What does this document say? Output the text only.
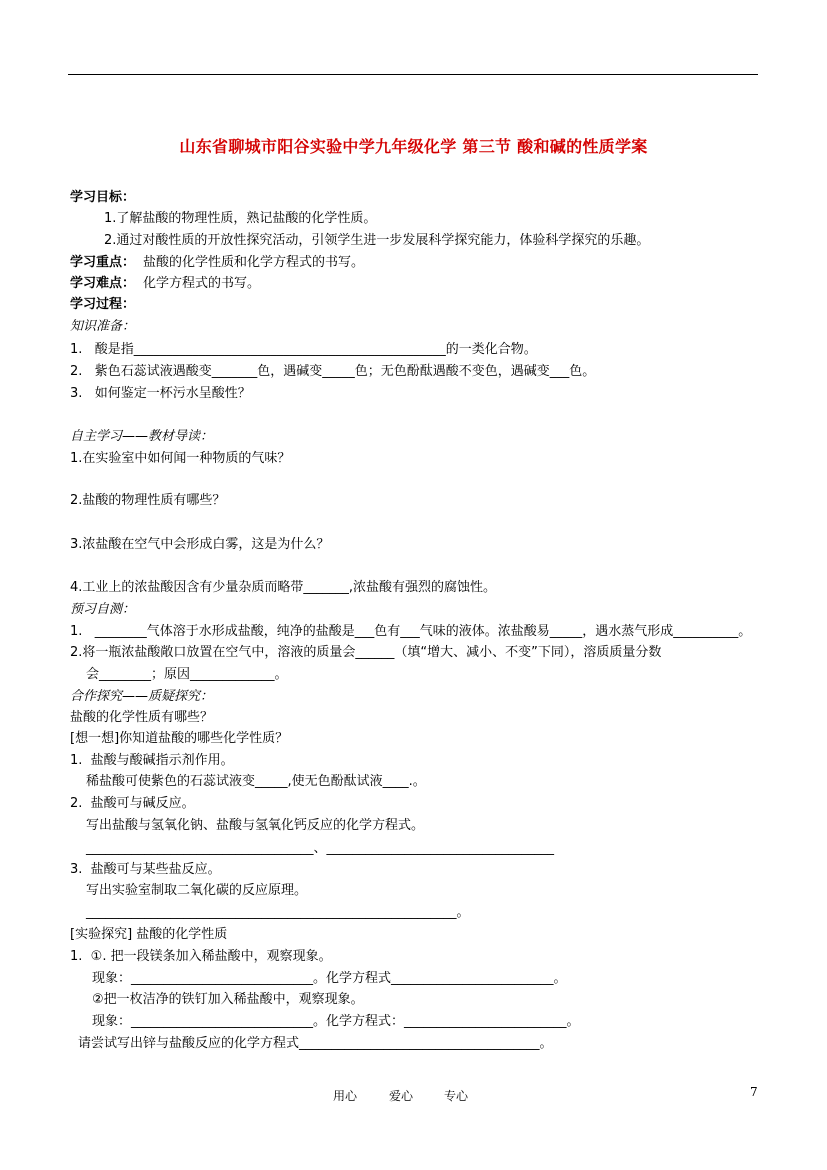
山东省聊城市阳谷实验中学九年级化学 第三节 酸和碱的性质学案
学习目标：
1.了解盐酸的物理性质，熟记盐酸的化学性质。
2.通过对酸性质的开放性探究活动，引领学生进一步发展科学探究能力，体验科学探究的乐趣。
学习重点： 盐酸的化学性质和化学方程式的书写。
学习难点： 化学方程式的书写。
学习过程：
知识准备：
1.   酸是指________________________________________________的一类化合物。
2.   紫色石蕊试液遇酸变_______色，遇碱变_____色；无色酚酞遇酸不变色，遇碱变___色。
3.   如何鉴定一杯污水呈酸性？
自主学习——教材导读：
1.在实验室中如何闻一种物质的气味？
2.盐酸的物理性质有哪些？
3.浓盐酸在空气中会形成白雾，这是为什么？
4.工业上的浓盐酸因含有少量杂质而略带_______,浓盐酸有强烈的腐蚀性。
预习自测：
1.   ________气体溶于水形成盐酸，纯净的盐酸是___色有___气味的液体。浓盐酸易_____，遇水蒸气形成__________。
2.将一瓶浓盐酸敞口放置在空气中，溶液的质量会______（填“增大、减小、不变”下同），溶质质量分数
会________；原因_____________。
合作探究——质疑探究：
盐酸的化学性质有哪些？
[想一想]你知道盐酸的哪些化学性质？
1.  盐酸与酸碱指示剂作用。
稀盐酸可使紫色的石蕊试液变_____,使无色酚酞试液____.。
2.  盐酸可与碱反应。
写出盐酸与氢氧化钠、盐酸与氢氧化钙反应的化学方程式。
___________________________________、___________________________________
3.  盐酸可与某些盐反应。
写出实验室制取二氧化碳的反应原理。
_________________________________________________________。
[实验探究] 盐酸的化学性质
1.  ①. 把一段镁条加入稀盐酸中，观察现象。
现象：____________________________。化学方程式_________________________。
②把一枚洁净的铁钉加入稀盐酸中，观察现象。
现象：____________________________。化学方程式：_________________________。
请尝试写出锌与盐酸反应的化学方程式_____________________________________。
用心	爱心	专心	7
